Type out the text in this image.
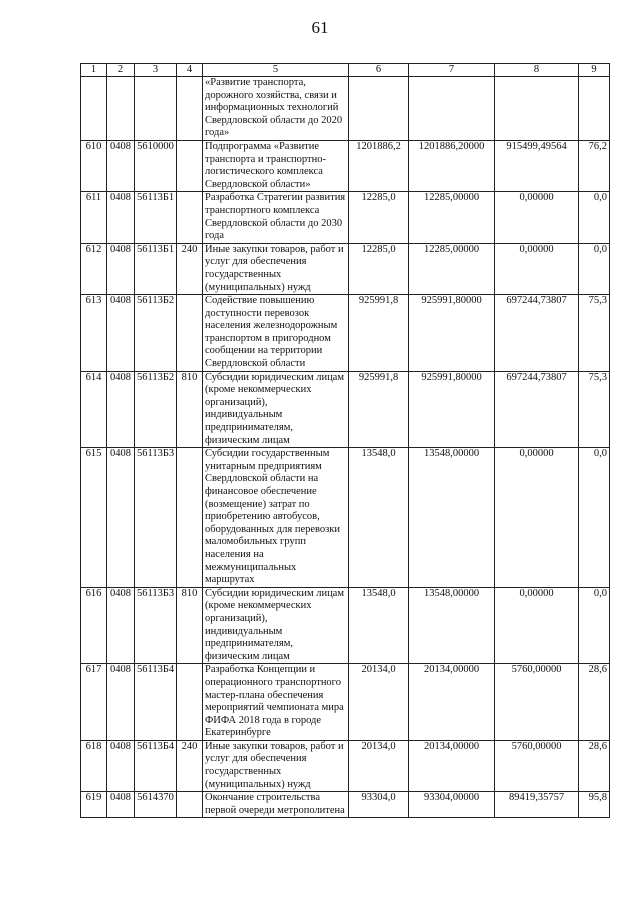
61
1	2	3	4	5	6	7	8	9
				«Развитие транспорта, дорожного хозяйства, связи и информационных технологий Свердловской области до 2020 года»				
610	0408	5610000		Подпрограмма «Развитие транспорта и транспортно-логистического комплекса Свердловской области»	1201886,2	1201886,20000	915499,49564	76,2
611	0408	56113Б1		Разработка Стратегии развития транспортного комплекса Свердловской области до 2030 года	12285,0	12285,00000	0,00000	0,0
612	0408	56113Б1	240	Иные закупки товаров, работ и услуг для обеспечения государственных (муниципальных) нужд	12285,0	12285,00000	0,00000	0,0
613	0408	56113Б2		Содействие повышению доступности перевозок населения железнодорожным транспортом в пригородном сообщении на территории Свердловской области	925991,8	925991,80000	697244,73807	75,3
614	0408	56113Б2	810	Субсидии юридическим лицам (кроме некоммерческих организаций), индивидуальным предпринимателям, физическим лицам	925991,8	925991,80000	697244,73807	75,3
615	0408	56113Б3		Субсидии государственным унитарным предприятиям Свердловской области на финансовое обеспечение (возмещение) затрат по приобретению автобусов, оборудованных для перевозки маломобильных групп населения на межмуниципальных маршрутах	13548,0	13548,00000	0,00000	0,0
616	0408	56113Б3	810	Субсидии юридическим лицам (кроме некоммерческих организаций), индивидуальным предпринимателям, физическим лицам	13548,0	13548,00000	0,00000	0,0
617	0408	56113Б4		Разработка Концепции и операционного транспортного мастер-плана обеспечения мероприятий чемпионата мира ФИФА 2018 года в городе Екатеринбурге	20134,0	20134,00000	5760,00000	28,6
618	0408	56113Б4	240	Иные закупки товаров, работ и услуг для обеспечения государственных (муниципальных) нужд	20134,0	20134,00000	5760,00000	28,6
619	0408	5614370		Окончание строительства первой очереди метрополитена	93304,0	93304,00000	89419,35757	95,8
